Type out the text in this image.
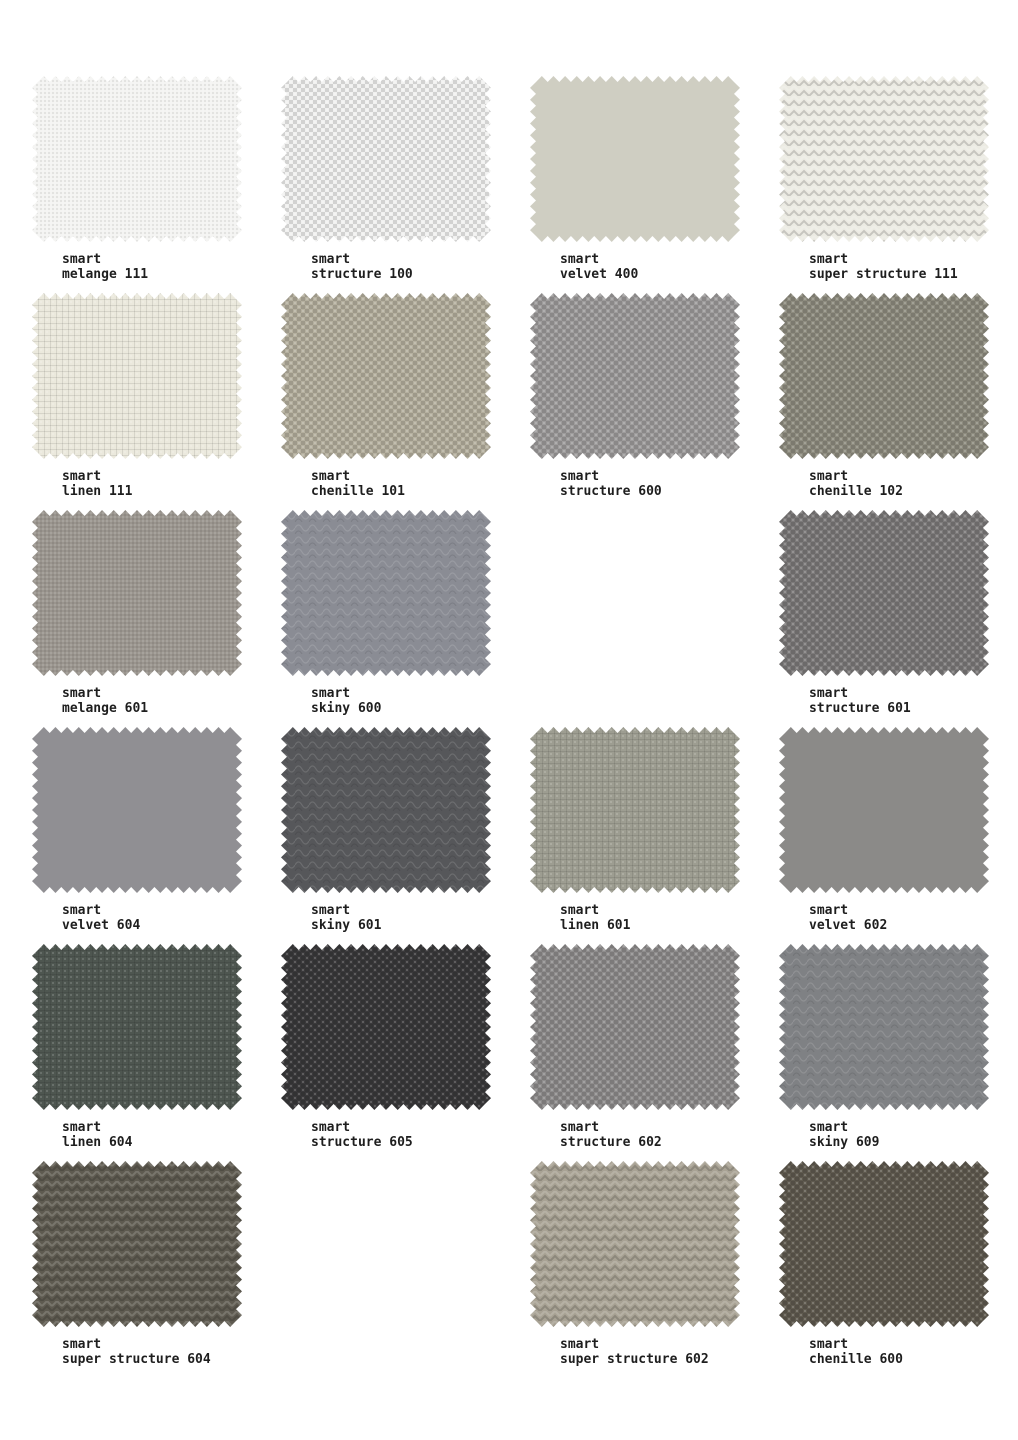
smart
melange 111
smart
structure 100
smart
velvet 400
smart
super structure 111
smart
linen 111
smart
chenille 101
smart
structure 600
smart
chenille 102
smart
melange 601
smart
skiny 600
smart
structure 601
smart
velvet 604
smart
skiny 601
smart
linen 601
smart
velvet 602
smart
linen 604
smart
structure 605
smart
structure 602
smart
skiny 609
smart
super structure 604
smart
super structure 602
smart
chenille 600
